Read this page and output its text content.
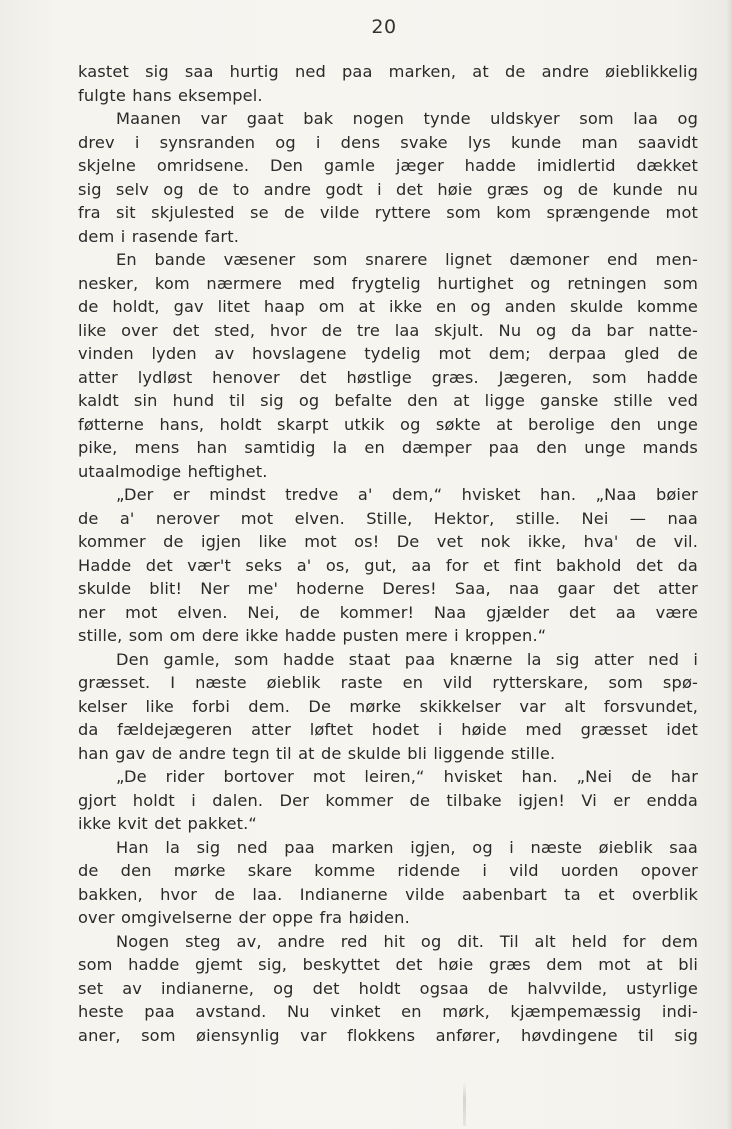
20
kastet sig saa hurtig ned paa marken, at de andre øieblikkelig
fulgte hans eksempel.
Maanen var gaat bak nogen tynde uldskyer som laa og
drev i synsranden og i dens svake lys kunde man saavidt
skjelne omridsene. Den gamle jæger hadde imidlertid dækket
sig selv og de to andre godt i det høie græs og de kunde nu
fra sit skjulested se de vilde ryttere som kom sprængende mot
dem i rasende fart.
En bande væsener som snarere lignet dæmoner end men-
nesker, kom nærmere med frygtelig hurtighet og retningen som
de holdt, gav litet haap om at ikke en og anden skulde komme
like over det sted, hvor de tre laa skjult. Nu og da bar natte-
vinden lyden av hovslagene tydelig mot dem; derpaa gled de
atter lydløst henover det høstlige græs. Jægeren, som hadde
kaldt sin hund til sig og befalte den at ligge ganske stille ved
føtterne hans, holdt skarpt utkik og søkte at berolige den unge
pike, mens han samtidig la en dæmper paa den unge mands
utaalmodige heftighet.
„Der er mindst tredve a' dem,“ hvisket han. „Naa bøier
de a' nerover mot elven. Stille, Hektor, stille. Nei — naa
kommer de igjen like mot os! De vet nok ikke, hva' de vil.
Hadde det vær't seks a' os, gut, aa for et fint bakhold det da
skulde blit! Ner me' hoderne Deres! Saa, naa gaar det atter
ner mot elven. Nei, de kommer! Naa gjælder det aa være
stille, som om dere ikke hadde pusten mere i kroppen.“
Den gamle, som hadde staat paa knærne la sig atter ned i
græsset. I næste øieblik raste en vild rytterskare, som spø-
kelser like forbi dem. De mørke skikkelser var alt forsvundet,
da fældejægeren atter løftet hodet i høide med græsset idet
han gav de andre tegn til at de skulde bli liggende stille.
„De rider bortover mot leiren,“ hvisket han. „Nei de har
gjort holdt i dalen. Der kommer de tilbake igjen! Vi er endda
ikke kvit det pakket.“
Han la sig ned paa marken igjen, og i næste øieblik saa
de den mørke skare komme ridende i vild uorden opover
bakken, hvor de laa. Indianerne vilde aabenbart ta et overblik
over omgivelserne der oppe fra høiden.
Nogen steg av, andre red hit og dit. Til alt held for dem
som hadde gjemt sig, beskyttet det høie græs dem mot at bli
set av indianerne, og det holdt ogsaa de halvvilde, ustyrlige
heste paa avstand. Nu vinket en mørk, kjæmpemæssig indi-
aner, som øiensynlig var flokkens anfører, høvdingene til sig
